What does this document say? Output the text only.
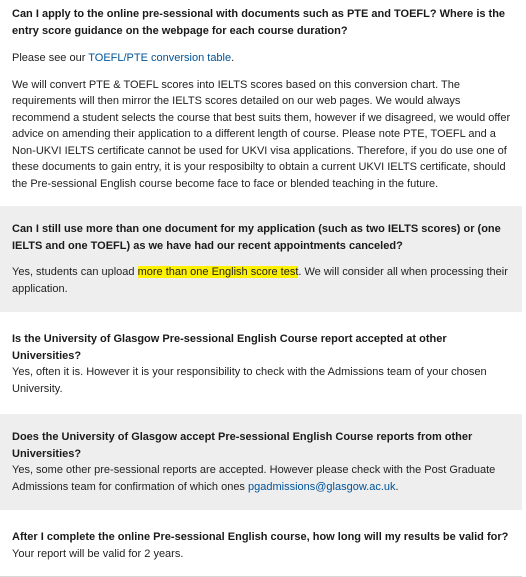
Can I apply to the online pre-sessional with documents such as PTE and TOEFL? Where is the entry score guidance on the webpage for each course duration?

Please see our TOEFL/PTE conversion table.

We will convert PTE & TOEFL scores into IELTS scores based on this conversion chart. The requirements will then mirror the IELTS scores detailed on our web pages. We would always recommend a student selects the course that best suits them, however if we disagreed, we would offer advice on amending their application to a different length of course. Please note PTE, TOEFL and a Non-UKVI IELTS certificate cannot be used for UKVI visa applications. Therefore, if you do use one of these documents to gain entry, it is your resposibilty to obtain a current UKVI IELTS certificate, should the Pre-sessional English course become face to face or blended teaching in the future.

Can I still use more than one document for my application (such as two IELTS scores) or (one IELTS and one TOEFL) as we have had our recent appointments canceled?

Yes, students can upload more than one English score test. We will consider all when processing their application.

Is the University of Glasgow Pre-sessional English Course report accepted at other Universities?

Yes, often it is. However it is your responsibility to check with the Admissions team of your chosen University.

Does the University of Glasgow accept Pre-sessional English Course reports from other Universities?

Yes, some other pre-sessional reports are accepted. However please check with the Post Graduate Admissions team for confirmation of which ones pgadmissions@glasgow.ac.uk.

After I complete the online Pre-sessional English course, how long will my results be valid for?

Your report will be valid for 2 years.
